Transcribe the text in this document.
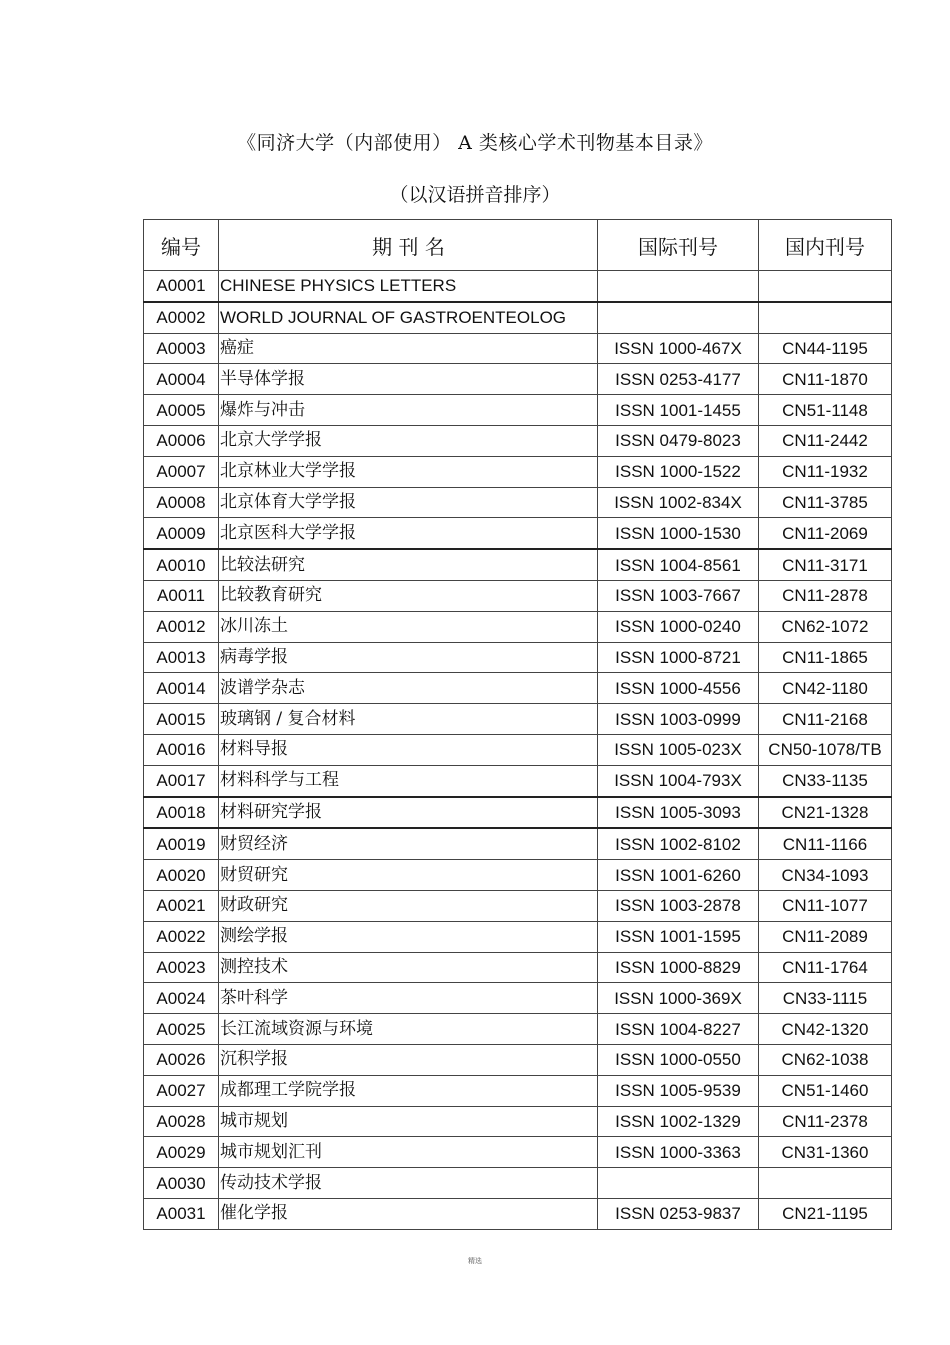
《同济大学（内部使用） A 类核心学术刊物基本目录》
（以汉语拼音排序）
编号	期 刊 名	国际刊号	国内刊号
A0001	CHINESE PHYSICS LETTERS		
A0002	WORLD JOURNAL OF GASTROENTEOLOG		
A0003	癌症	ISSN 1000-467X	CN44-1195
A0004	半导体学报	ISSN 0253-4177	CN11-1870
A0005	爆炸与冲击	ISSN 1001-1455	CN51-1148
A0006	北京大学学报	ISSN 0479-8023	CN11-2442
A0007	北京林业大学学报	ISSN 1000-1522	CN11-1932
A0008	北京体育大学学报	ISSN 1002-834X	CN11-3785
A0009	北京医科大学学报	ISSN 1000-1530	CN11-2069
A0010	比较法研究	ISSN 1004-8561	CN11-3171
A0011	比较教育研究	ISSN 1003-7667	CN11-2878
A0012	冰川冻土	ISSN 1000-0240	CN62-1072
A0013	病毒学报	ISSN 1000-8721	CN11-1865
A0014	波谱学杂志	ISSN 1000-4556	CN42-1180
A0015	玻璃钢 / 复合材料	ISSN 1003-0999	CN11-2168
A0016	材料导报	ISSN 1005-023X	CN50-1078/TB
A0017	材料科学与工程	ISSN 1004-793X	CN33-1135
A0018	材料研究学报	ISSN 1005-3093	CN21-1328
A0019	财贸经济	ISSN 1002-8102	CN11-1166
A0020	财贸研究	ISSN 1001-6260	CN34-1093
A0021	财政研究	ISSN 1003-2878	CN11-1077
A0022	测绘学报	ISSN 1001-1595	CN11-2089
A0023	测控技术	ISSN 1000-8829	CN11-1764
A0024	茶叶科学	ISSN 1000-369X	CN33-1115
A0025	长江流域资源与环境	ISSN 1004-8227	CN42-1320
A0026	沉积学报	ISSN 1000-0550	CN62-1038
A0027	成都理工学院学报	ISSN 1005-9539	CN51-1460
A0028	城市规划	ISSN 1002-1329	CN11-2378
A0029	城市规划汇刊	ISSN 1000-3363	CN31-1360
A0030	传动技术学报		
A0031	催化学报	ISSN 0253-9837	CN21-1195
精选
